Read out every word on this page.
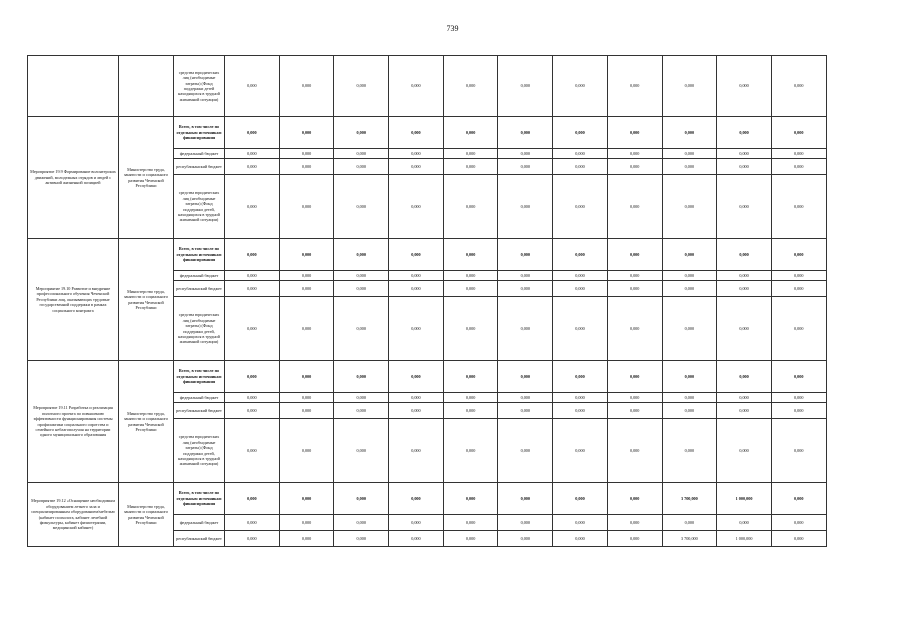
739
		средства юридических лиц (необходимые затраты) (Фонд поддержки детей находящихся в трудной жизненной ситуации)	0,000	0,000	0,000	0,000	0,000	0,000	0,000	0,000	0,000	0,000	0,000
Мероприятие 19.9 Формирование волонтерских движений, молодежных отрядов и людей с активной жизненной позицией	Министерство труда, занятости и социального развития Чеченской Республики	Всего, в том числе по отдельным источникам финансирования	0,000	0,000	0,000	0,000	0,000	0,000	0,000	0,000	0,000	0,000	0,000
		федеральный бюджет	0,000	0,000	0,000	0,000	0,000	0,000	0,000	0,000	0,000	0,000	0,000
		республиканский бюджет	0,000	0,000	0,000	0,000	0,000	0,000	0,000	0,000	0,000	0,000	0,000
		средства юридических лиц (необходимые затраты) (Фонд поддержки детей, находящихся в трудной жизненной ситуации)	0,000	0,000	0,000	0,000	0,000	0,000	0,000	0,000	0,000	0,000	0,000
Мероприятие 19.10 Развитие и внедрение профессионального обучения Чеченской Республики лиц, оказывающих трудовые государственной поддержки в рамках социального контракта	Министерство труда, занятости и социального развития Чеченской Республики	Всего, в том числе по отдельным источникам финансирования	0,000	0,000	0,000	0,000	0,000	0,000	0,000	0,000	0,000	0,000	0,000
		федеральный бюджет	0,000	0,000	0,000	0,000	0,000	0,000	0,000	0,000	0,000	0,000	0,000
		республиканский бюджет	0,000	0,000	0,000	0,000	0,000	0,000	0,000	0,000	0,000	0,000	0,000
		средства юридических лиц (необходимые затраты) (Фонд поддержки детей, находящихся в трудной жизненной ситуации)	0,000	0,000	0,000	0,000	0,000	0,000	0,000	0,000	0,000	0,000	0,000
Мероприятие 19.11 Разработка и реализация пилотного проекта по повышению эффективности функционирования системы профилактики социального сиротства и семейного неблагополучия на территории одного муниципального образования	Министерство труда, занятости и социального развития Чеченской Республики	Всего, в том числе по отдельным источникам финансирования	0,000	0,000	0,000	0,000	0,000	0,000	0,000	0,000	0,000	0,000	0,000
		федеральный бюджет	0,000	0,000	0,000	0,000	0,000	0,000	0,000	0,000	0,000	0,000	0,000
		республиканский бюджет	0,000	0,000	0,000	0,000	0,000	0,000	0,000	0,000	0,000	0,000	0,000
		средства юридических лиц (необходимые затраты) (Фонд поддержки детей, находящихся в трудной жизненной ситуации)	0,000	0,000	0,000	0,000	0,000	0,000	0,000	0,000	0,000	0,000	0,000
Мероприятие 19.12 «Оснащение необходимым оборудованием летнего зала и специализированным оборудованием/мебелью (кабинет психолога, кабинет лечебной физкультуры, кабинет физиотерапии, медицинский кабинет)	Министерство труда, занятости и социального развития Чеченской Республики	Всего, в том числе по отдельным источникам финансирования	0,000	0,000	0,000	0,000	0,000	0,000	0,000	0,000	3 700,000	1 000,000	0,000
		федеральный бюджет	0,000	0,000	0,000	0,000	0,000	0,000	0,000	0,000	0,000	0,000	0,000
		республиканский бюджет	0,000	0,000	0,000	0,000	0,000	0,000	0,000	0,000	3 700,000	1 000,000	0,000
